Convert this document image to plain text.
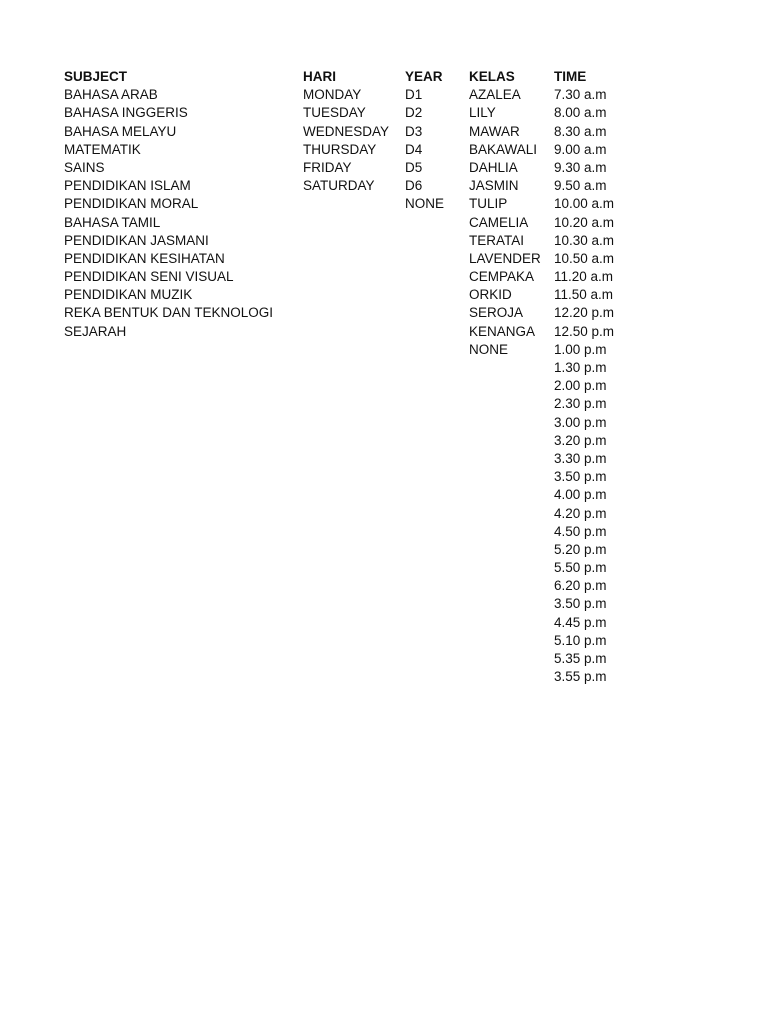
SUBJECT
BAHASA ARAB
BAHASA INGGERIS
BAHASA MELAYU
MATEMATIK
SAINS
PENDIDIKAN ISLAM
PENDIDIKAN MORAL
BAHASA TAMIL
PENDIDIKAN JASMANI
PENDIDIKAN KESIHATAN
PENDIDIKAN SENI VISUAL
PENDIDIKAN MUZIK
REKA BENTUK DAN TEKNOLOGI
SEJARAH
HARI
MONDAY
TUESDAY
WEDNESDAY
THURSDAY
FRIDAY
SATURDAY
YEAR
D1
D2
D3
D4
D5
D6
NONE
KELAS
AZALEA
LILY
MAWAR
BAKAWALI
DAHLIA
JASMIN
TULIP
CAMELIA
TERATAI
LAVENDER
CEMPAKA
ORKID
SEROJA
KENANGA
NONE
TIME
7.30 a.m
8.00 a.m
8.30 a.m
9.00 a.m
9.30 a.m
9.50 a.m
10.00 a.m
10.20 a.m
10.30 a.m
10.50 a.m
11.20 a.m
11.50 a.m
12.20 p.m
12.50 p.m
1.00 p.m
1.30 p.m
2.00 p.m
2.30 p.m
3.00 p.m
3.20 p.m
3.30 p.m
3.50 p.m
4.00 p.m
4.20 p.m
4.50 p.m
5.20 p.m
5.50 p.m
6.20 p.m
3.50 p.m
4.45 p.m
5.10 p.m
5.35 p.m
3.55 p.m
